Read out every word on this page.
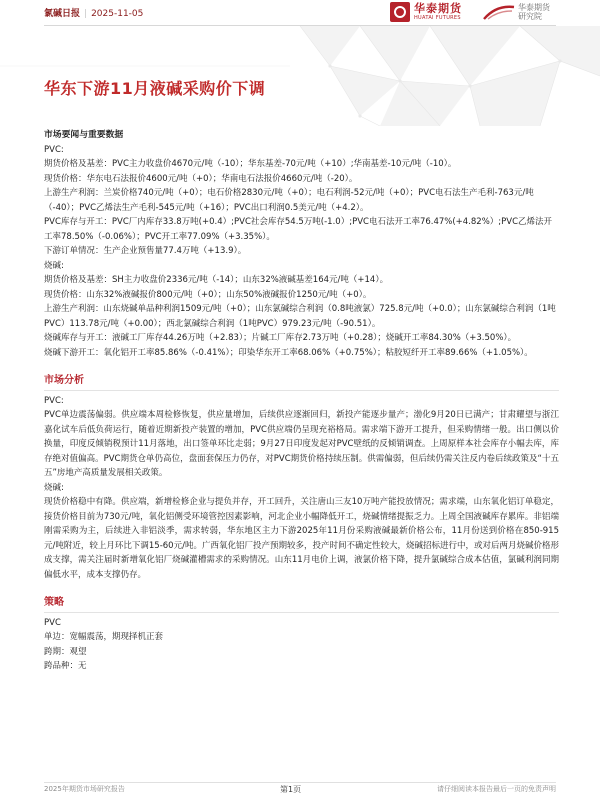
氯碱日报 | 2025-11-05	华泰期货
HUATAI FUTURES
华泰期货
研究院
华东下游11月液碱采购价下调
市场要闻与重要数据
PVC:
期货价格及基差：PVC主力收盘价4670元/吨（-10）；华东基差-70元/吨（+10）;华南基差-10元/吨（-10）。
现货价格：华东电石法报价4600元/吨（+0）；华南电石法报价4660元/吨（-20）。
上游生产利润：兰炭价格740元/吨（+0）；电石价格2830元/吨（+0）；电石利润-52元/吨（+0）；PVC电石法生产毛利-763元/吨（-40）；PVC乙烯法生产毛利-545元/吨（+16）；PVC出口利润0.5美元/吨（+4.2）。
PVC库存与开工：PVC厂内库存33.8万吨(+0.4）;PVC社会库存54.5万吨(-1.0）;PVC电石法开工率76.47%(+4.82%）;PVC乙烯法开工率78.50%（-0.06%）；PVC开工率77.09%（+3.35%）。
下游订单情况：生产企业预售量77.4万吨（+13.9）。
烧碱:
期货价格及基差：SH主力收盘价2336元/吨（-14）；山东32%液碱基差164元/吨（+14）。
现货价格：山东32%液碱报价800元/吨（+0）；山东50%液碱报价1250元/吨（+0）。
上游生产利润：山东烧碱单品种利润1509元/吨（+0）；山东氯碱综合利润（0.8吨液氯）725.8元/吨（+0.0）；山东氯碱综合利润（1吨PVC）113.78元/吨（+0.00）；西北氯碱综合利润（1吨PVC）979.23元/吨（-90.51）。
烧碱库存与开工：液碱工厂库存44.26万吨（+2.83）；片碱工厂库存2.73万吨（+0.28）；烧碱开工率84.30%（+3.50%）。
烧碱下游开工：氧化铝开工率85.86%（-0.41%）；印染华东开工率68.06%（+0.75%）；粘胶短纤开工率89.66%（+1.05%）。
市场分析
PVC:
PVC单边震荡偏弱。供应端本周检修恢复，供应量增加，后续供应逐渐回归，新投产能逐步量产；渤化9月20日已满产；甘肃耀望与浙江嘉化试车后低负荷运行，随着近期新投产装置的增加，PVC供应端仍呈现充裕格局。需求端下游开工提升，但采购情绪一般。出口侧以价换量，印度反倾销税预计11月落地，出口签单环比走弱；9月27日印度发起对PVC壁纸的反倾销调查。上周原样本社会库存小幅去库，库存绝对值偏高。PVC期货仓单仍高位，盘面套保压力仍存，对PVC期货价格持续压制。供需偏弱，但后续仍需关注反内卷后续政策及“十五五”房地产高质量发展相关政策。
烧碱:
现货价格稳中有降。供应端，新增检修企业与提负并存，开工回升，关注唐山三友10万吨产能投放情况；需求端，山东氧化铝订单稳定，接货价格目前为730元/吨，氧化铝侧受环境管控因素影响，河北企业小幅降低开工，烧碱情绪提振乏力。上周全国液碱库存累库。非铝端刚需采购为主，后续进入非铝淡季，需求转弱，华东地区主力下游2025年11月份采购液碱最新价格公布，11月份送到价格在850-915元/吨附近，较上月环比下调15-60元/吨。广西氧化铝厂投产预期较多，投产时间不确定性较大，烧碱招标进行中，或对后两月烧碱价格形成支撑，需关注届时新增氧化铝厂烧碱灌槽需求的采购情况。山东11月电价上调，液氯价格下降，提升氯碱综合成本估值，氯碱利润同期偏低水平，成本支撑仍存。
策略
PVC
单边：宽幅震荡，期现择机正套
跨期：观望
跨品种：无
2025年期货市场研究报告	第1页	请仔细阅读本报告最后一页的免责声明
